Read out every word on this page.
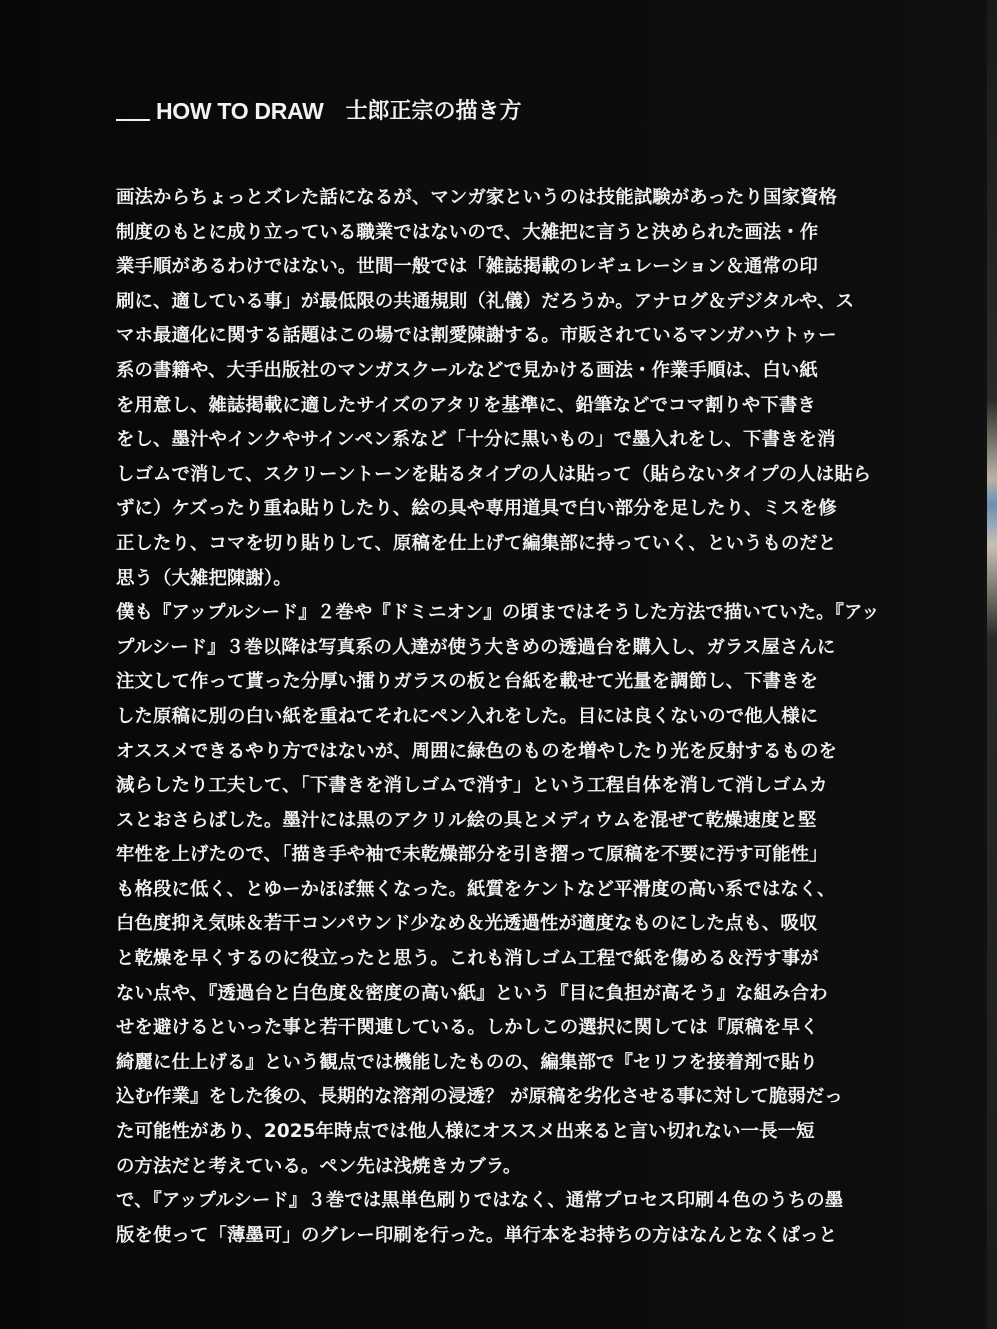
HOW TO DRAW 士郎正宗の描き方
画法からちょっとズレた話になるが、マンガ家というのは技能試験があったり国家資格
制度のもとに成り立っている職業ではないので、大雑把に言うと決められた画法・作
業手順があるわけではない。世間一般では「雑誌掲載のレギュレーション＆通常の印
刷に、適している事」が最低限の共通規則（礼儀）だろうか。アナログ＆デジタルや、ス
マホ最適化に関する話題はこの場では割愛陳謝する。市販されているマンガハウトゥー
系の書籍や、大手出版社のマンガスクールなどで見かける画法・作業手順は、白い紙
を用意し、雑誌掲載に適したサイズのアタリを基準に、鉛筆などでコマ割りや下書き
をし、墨汁やインクやサインペン系など「十分に黒いもの」で墨入れをし、下書きを消
しゴムで消して、スクリーントーンを貼るタイプの人は貼って（貼らないタイプの人は貼ら
ずに）ケズったり重ね貼りしたり、絵の具や専用道具で白い部分を足したり、ミスを修
正したり、コマを切り貼りして、原稿を仕上げて編集部に持っていく、というものだと
思う（大雑把陳謝）。
僕も『アップルシード』２巻や『ドミニオン』の頃まではそうした方法で描いていた。『アッ
プルシード』３巻以降は写真系の人達が使う大きめの透過台を購入し、ガラス屋さんに
注文して作って貰った分厚い擂りガラスの板と台紙を載せて光量を調節し、下書きを
した原稿に別の白い紙を重ねてそれにペン入れをした。目には良くないので他人様に
オススメできるやり方ではないが、周囲に緑色のものを増やしたり光を反射するものを
減らしたり工夫して、「下書きを消しゴムで消す」という工程自体を消して消しゴムカ
スとおさらばした。墨汁には黒のアクリル絵の具とメディウムを混ぜて乾燥速度と堅
牢性を上げたので、「描き手や袖で未乾燥部分を引き摺って原稿を不要に汚す可能性」
も格段に低く、とゆーかほぼ無くなった。紙質をケントなど平滑度の高い系ではなく、
白色度抑え気味＆若干コンパウンド少なめ＆光透過性が適度なものにした点も、吸収
と乾燥を早くするのに役立ったと思う。これも消しゴム工程で紙を傷める＆汚す事が
ない点や、『透過台と白色度＆密度の高い紙』という『目に負担が高そう』な組み合わ
せを避けるといった事と若干関連している。しかしこの選択に関しては『原稿を早く
綺麗に仕上げる』という観点では機能したものの、編集部で『セリフを接着剤で貼り
込む作業』をした後の、長期的な溶剤の浸透？ が原稿を劣化させる事に対して脆弱だっ
た可能性があり、2025年時点では他人様にオススメ出来ると言い切れない一長一短
の方法だと考えている。ペン先は浅焼きカブラ。
で、『アップルシード』３巻では黒単色刷りではなく、通常プロセス印刷４色のうちの墨
版を使って「薄墨可」のグレー印刷を行った。単行本をお持ちの方はなんとなくぱっと
